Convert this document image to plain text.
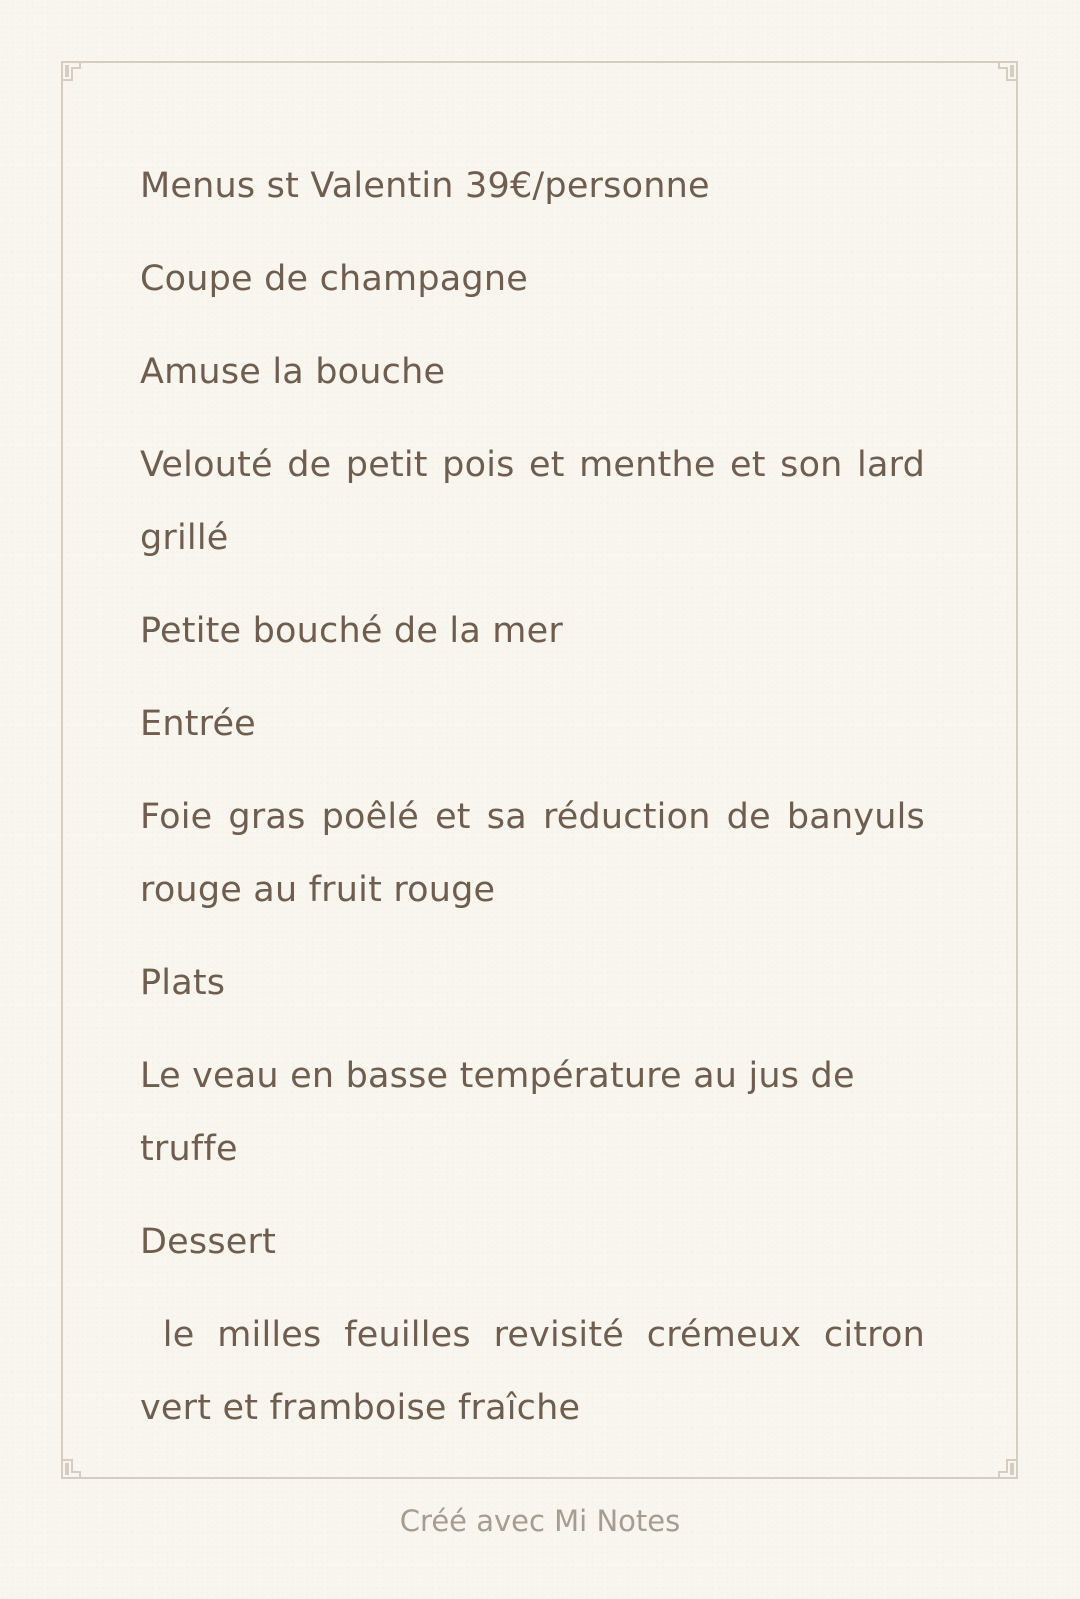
Menus st Valentin 39€/personne

Coupe de champagne

Amuse la bouche

Velouté de petit pois et menthe et son lard grillé

Petite bouché de la mer

Entrée

Foie gras poêlé et sa réduction de banyuls rouge au fruit rouge

Plats

Le veau en basse température au jus de truffe

Dessert

le milles feuilles revisité crémeux citron vert et framboise fraîche

Créé avec Mi Notes
